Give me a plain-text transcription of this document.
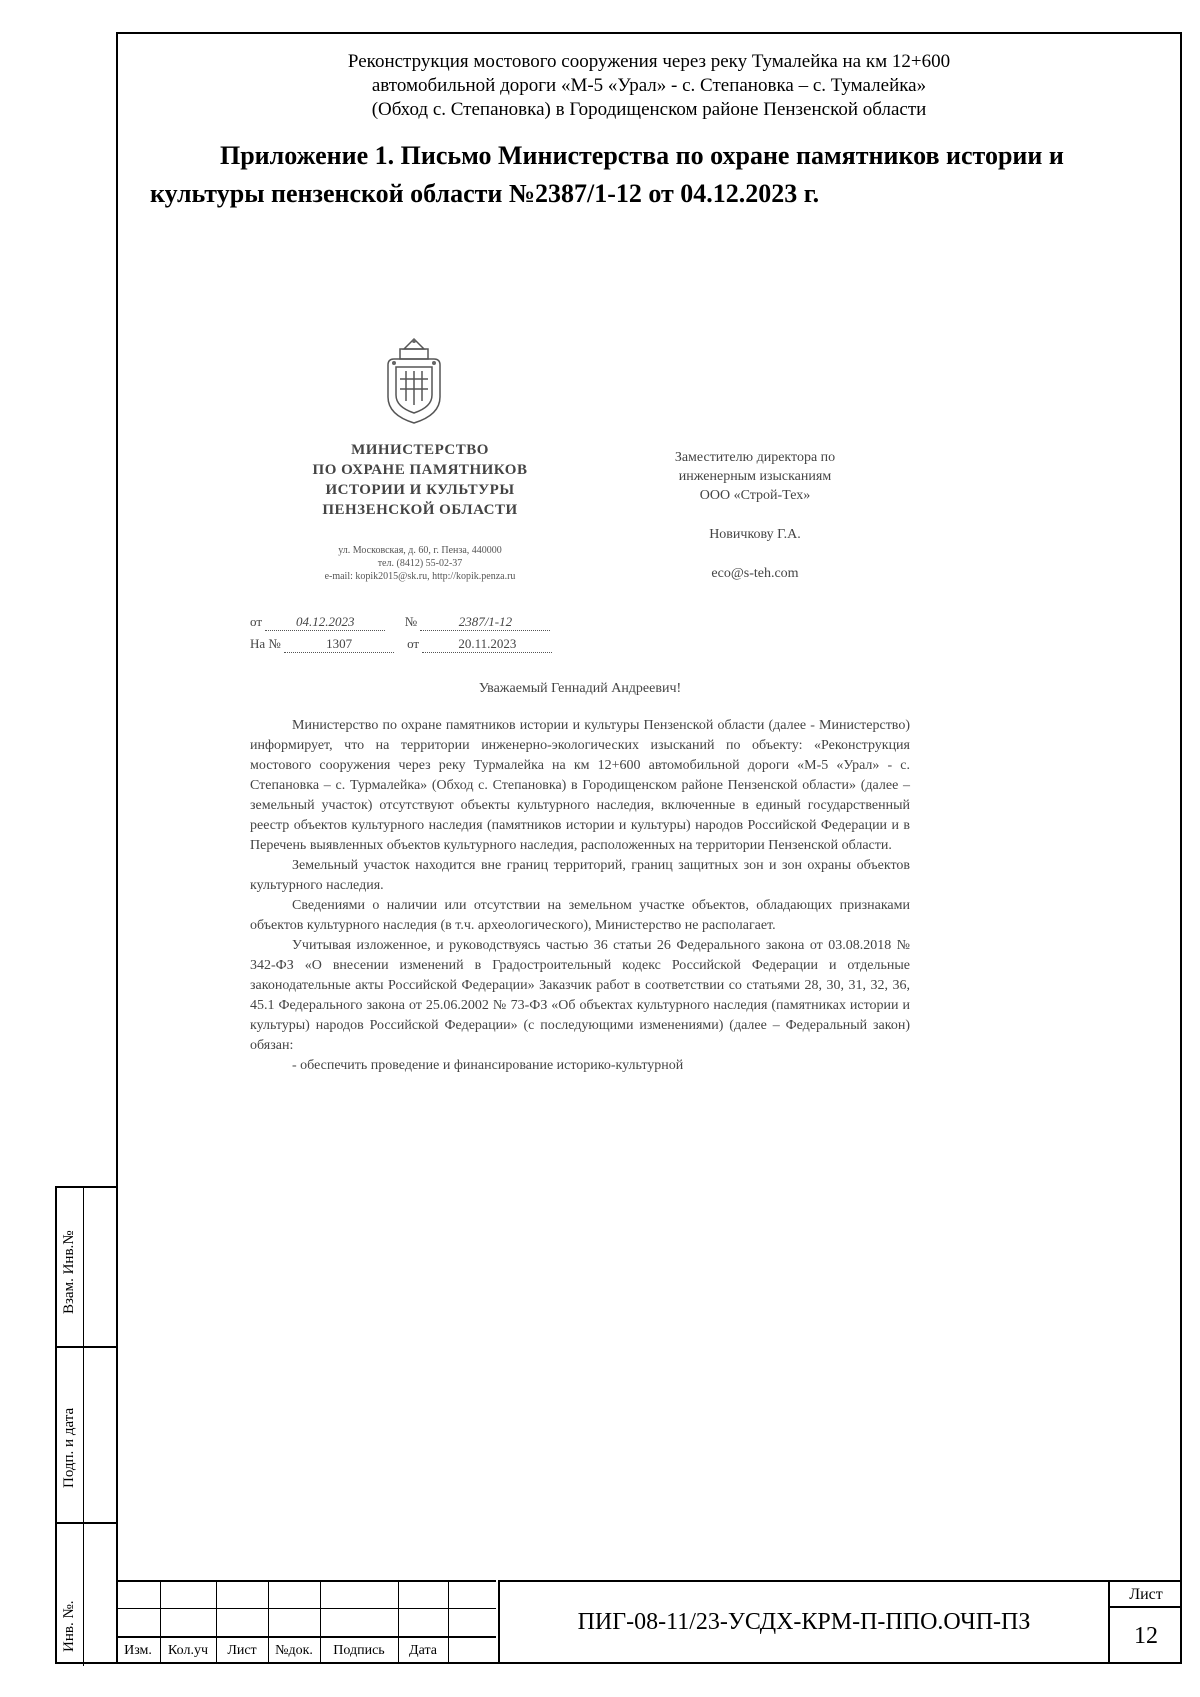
Взам. Инв.№
Подп. и дата
Инв. №.
Реконструкция мостового сооружения через реку Тумалейка на км 12+600
автомобильной дороги «М-5 «Урал» - с. Степановка – с. Тумалейка»
(Обход с. Степановка) в Городищенском районе Пензенской области
Приложение 1. Письмо Министерства по охране памятников истории и культуры пензенской области №2387/1-12 от 04.12.2023 г.
МИНИСТЕРСТВО
ПО ОХРАНЕ ПАМЯТНИКОВ
ИСТОРИИ И КУЛЬТУРЫ
ПЕНЗЕНСКОЙ ОБЛАСТИ
ул. Московская, д. 60, г. Пенза, 440000
тел. (8412) 55-02-37
e-mail: kopik2015@sk.ru, http://kopik.penza.ru
Заместителю директора по
инженерным изысканиям
ООО «Строй-Тех»
Новичкову Г.А.
eco@s-teh.com
от	04.12.2023	№	2387/1-12
На №	1307	от	20.11.2023
Уважаемый Геннадий Андреевич!

Министерство по охране памятников истории и культуры Пензенской области (далее - Министерство) информирует, что на территории инженерно-экологических изысканий по объекту: «Реконструкция мостового сооружения через реку Турмалейка на км 12+600 автомобильной дороги «М-5 «Урал» - с. Степановка – с. Турмалейка» (Обход с. Степановка) в Городищенском районе Пензенской области» (далее – земельный участок) отсутствуют объекты культурного наследия, включенные в единый государственный реестр объектов культурного наследия (памятников истории и культуры) народов Российской Федерации и в Перечень выявленных объектов культурного наследия, расположенных на территории Пензенской области.

Земельный участок находится вне границ территорий, границ защитных зон и зон охраны объектов культурного наследия.

Сведениями о наличии или отсутствии на земельном участке объектов, обладающих признаками объектов культурного наследия (в т.ч. археологического), Министерство не располагает.

Учитывая изложенное, и руководствуясь частью 36 статьи 26 Федерального закона от 03.08.2018 № 342-ФЗ «О внесении изменений в Градостроительный кодекс Российской Федерации и отдельные законодательные акты Российской Федерации» Заказчик работ в соответствии со статьями 28, 30, 31, 32, 36, 45.1 Федерального закона от 25.06.2002 № 73-ФЗ «Об объектах культурного наследия (памятниках истории и культуры) народов Российской Федерации» (с последующими изменениями) (далее – Федеральный закон) обязан:

- обеспечить проведение и финансирование историко-культурной

Изм.	Кол.уч	Лист	№док.	Подпись	Дата
ПИГ-08-11/23-УСДХ-КРМ-П-ППО.ОЧП-ПЗ
Лист
12
